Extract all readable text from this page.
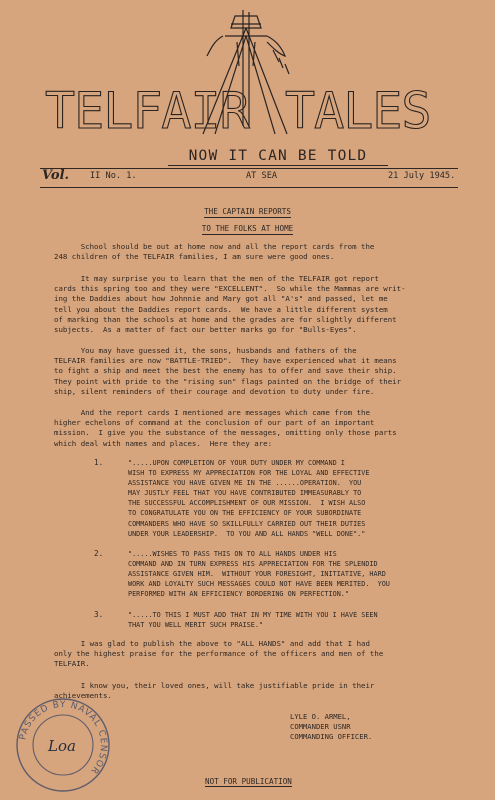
TELFAIR TALES
NOW IT CAN BE TOLD
Vol. II No. 1.	AT SEA	21 July 1945.
THE CAPTAIN REPORTS
TO THE FOLKS AT HOME
School should be out at home now and all the report cards from the
248 children of the TELFAIR families, I am sure were good ones.
It may surprise you to learn that the men of the TELFAIR got report
cards this spring too and they were "EXCELLENT".  So while the Mammas are writ-
ing the Daddies about how Johnnie and Mary got all "A's" and passed, let me
tell you about the Daddies report cards.  We have a little different system
of marking than the schools at home and the grades are for slightly different
subjects.  As a matter of fact our better marks go for "Bulls-Eyes".
You may have guessed it, the sons, husbands and fathers of the
TELFAIR families are now "BATTLE-TRIED".  They have experienced what it means
to fight a ship and meet the best the enemy has to offer and save their ship.
They point with pride to the "rising sun" flags painted on the bridge of their
ship, silent reminders of their courage and devotion to duty under fire.
And the report cards I mentioned are messages which came from the
higher echelons of command at the conclusion of our part of an important
mission.  I give you the substance of the messages, omitting only those parts
which deal with names and places.  Here they are:
1.	".....UPON COMPLETION OF YOUR DUTY UNDER MY COMMAND I
WISH TO EXPRESS MY APPRECIATION FOR THE LOYAL AND EFFECTIVE
ASSISTANCE YOU HAVE GIVEN ME IN THE ......OPERATION.  YOU
MAY JUSTLY FEEL THAT YOU HAVE CONTRIBUTED IMMEASURABLY TO
THE SUCCESSFUL ACCOMPLISHMENT OF OUR MISSION.  I WISH ALSO
TO CONGRATULATE YOU ON THE EFFICIENCY OF YOUR SUBORDINATE
COMMANDERS WHO HAVE SO SKILLFULLY CARRIED OUT THEIR DUTIES
UNDER YOUR LEADERSHIP.  TO YOU AND ALL HANDS "WELL DONE"."
2.	".....WISHES TO PASS THIS ON TO ALL HANDS UNDER HIS
COMMAND AND IN TURN EXPRESS HIS APPRECIATION FOR THE SPLENDID
ASSISTANCE GIVEN HIM.  WITHOUT YOUR FORESIGHT, INITIATIVE, HARD
WORK AND LOYALTY SUCH MESSAGES COULD NOT HAVE BEEN MERITED.  YOU
PERFORMED WITH AN EFFICIENCY BORDERING ON PERFECTION."
3.	".....TO THIS I MUST ADD THAT IN MY TIME WITH YOU I HAVE SEEN
THAT YOU WELL MERIT SUCH PRAISE."
I was glad to publish the above to "ALL HANDS" and add that I had
only the highest praise for the performance of the officers and men of the
TELFAIR.
I know you, their loved ones, will take justifiable pride in their
achievements.
LYLE O. ARMEL,
COMMANDER USNR
COMMANDING OFFICER.
PASSED BY NAVAL CENSOR
Loa
NOT FOR PUBLICATION
